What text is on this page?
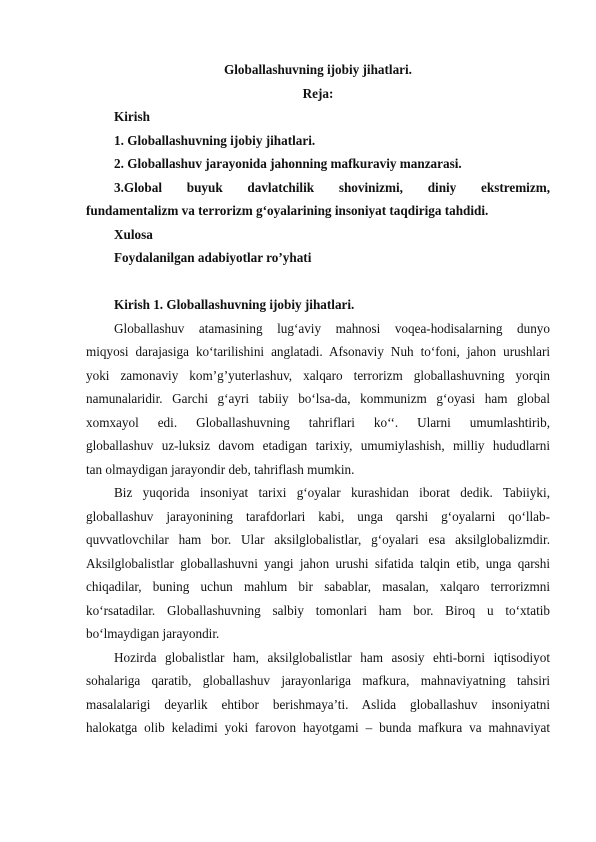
Globallashuvning ijobiy jihatlari.
Reja:
Kirish
1. Globallashuvning ijobiy jihatlari.
2. Globallashuv jarayonida jahonning mafkuraviy manzarasi.
3.Global buyuk davlatchilik shovinizmi, diniy ekstremizm,
fundamentalizm va terrorizm g‘oyalarining insoniyat taqdiriga tahdidi.
Xulosa
Foydalanilgan adabiyotlar ro’yhati
Kirish 1. Globallashuvning ijobiy jihatlari.
Globallashuv atamasining lug‘aviy mahnosi voqea-hodisalarning dunyo
miqyosi darajasiga ko‘tarilishini anglatadi. Afsonaviy Nuh to‘foni, jahon urushlari
yoki zamonaviy kom’g’yuterlashuv, xalqaro terrorizm globallashuvning yorqin
namunalaridir. Garchi g‘ayri tabiiy bo‘lsa-da, kommunizm g‘oyasi ham global
xomxayol edi. Globallashuvning tahriflari ko‘‘. Ularni umumlashtirib,
globallashuv uz-luksiz davom etadigan tarixiy, umumiylashish, milliy hududlarni
tan olmaydigan jarayondir deb, tahriflash mumkin.
Biz yuqorida insoniyat tarixi g‘oyalar kurashidan iborat dedik. Tabiiyki,
globallashuv jarayonining tarafdorlari kabi, unga qarshi g‘oyalarni qo‘llab-
quvvatlovchilar ham bor. Ular aksilglobalistlar, g‘oyalari esa aksilglobalizmdir.
Aksilglobalistlar globallashuvni yangi jahon urushi sifatida talqin etib, unga qarshi
chiqadilar, buning uchun mahlum bir sabablar, masalan, xalqaro terrorizmni
ko‘rsatadilar. Globallashuvning salbiy tomonlari ham bor. Biroq u to‘xtatib
bo‘lmaydigan jarayondir.
Hozirda globalistlar ham, aksilglobalistlar ham asosiy ehti-borni iqtisodiyot
sohalariga qaratib, globallashuv jarayonlariga mafkura, mahnaviyatning tahsiri
masalalarigi deyarlik ehtibor berishmaya’ti. Aslida globallashuv insoniyatni
halokatga olib keladimi yoki farovon hayotgami – bunda mafkura va mahnaviyat
